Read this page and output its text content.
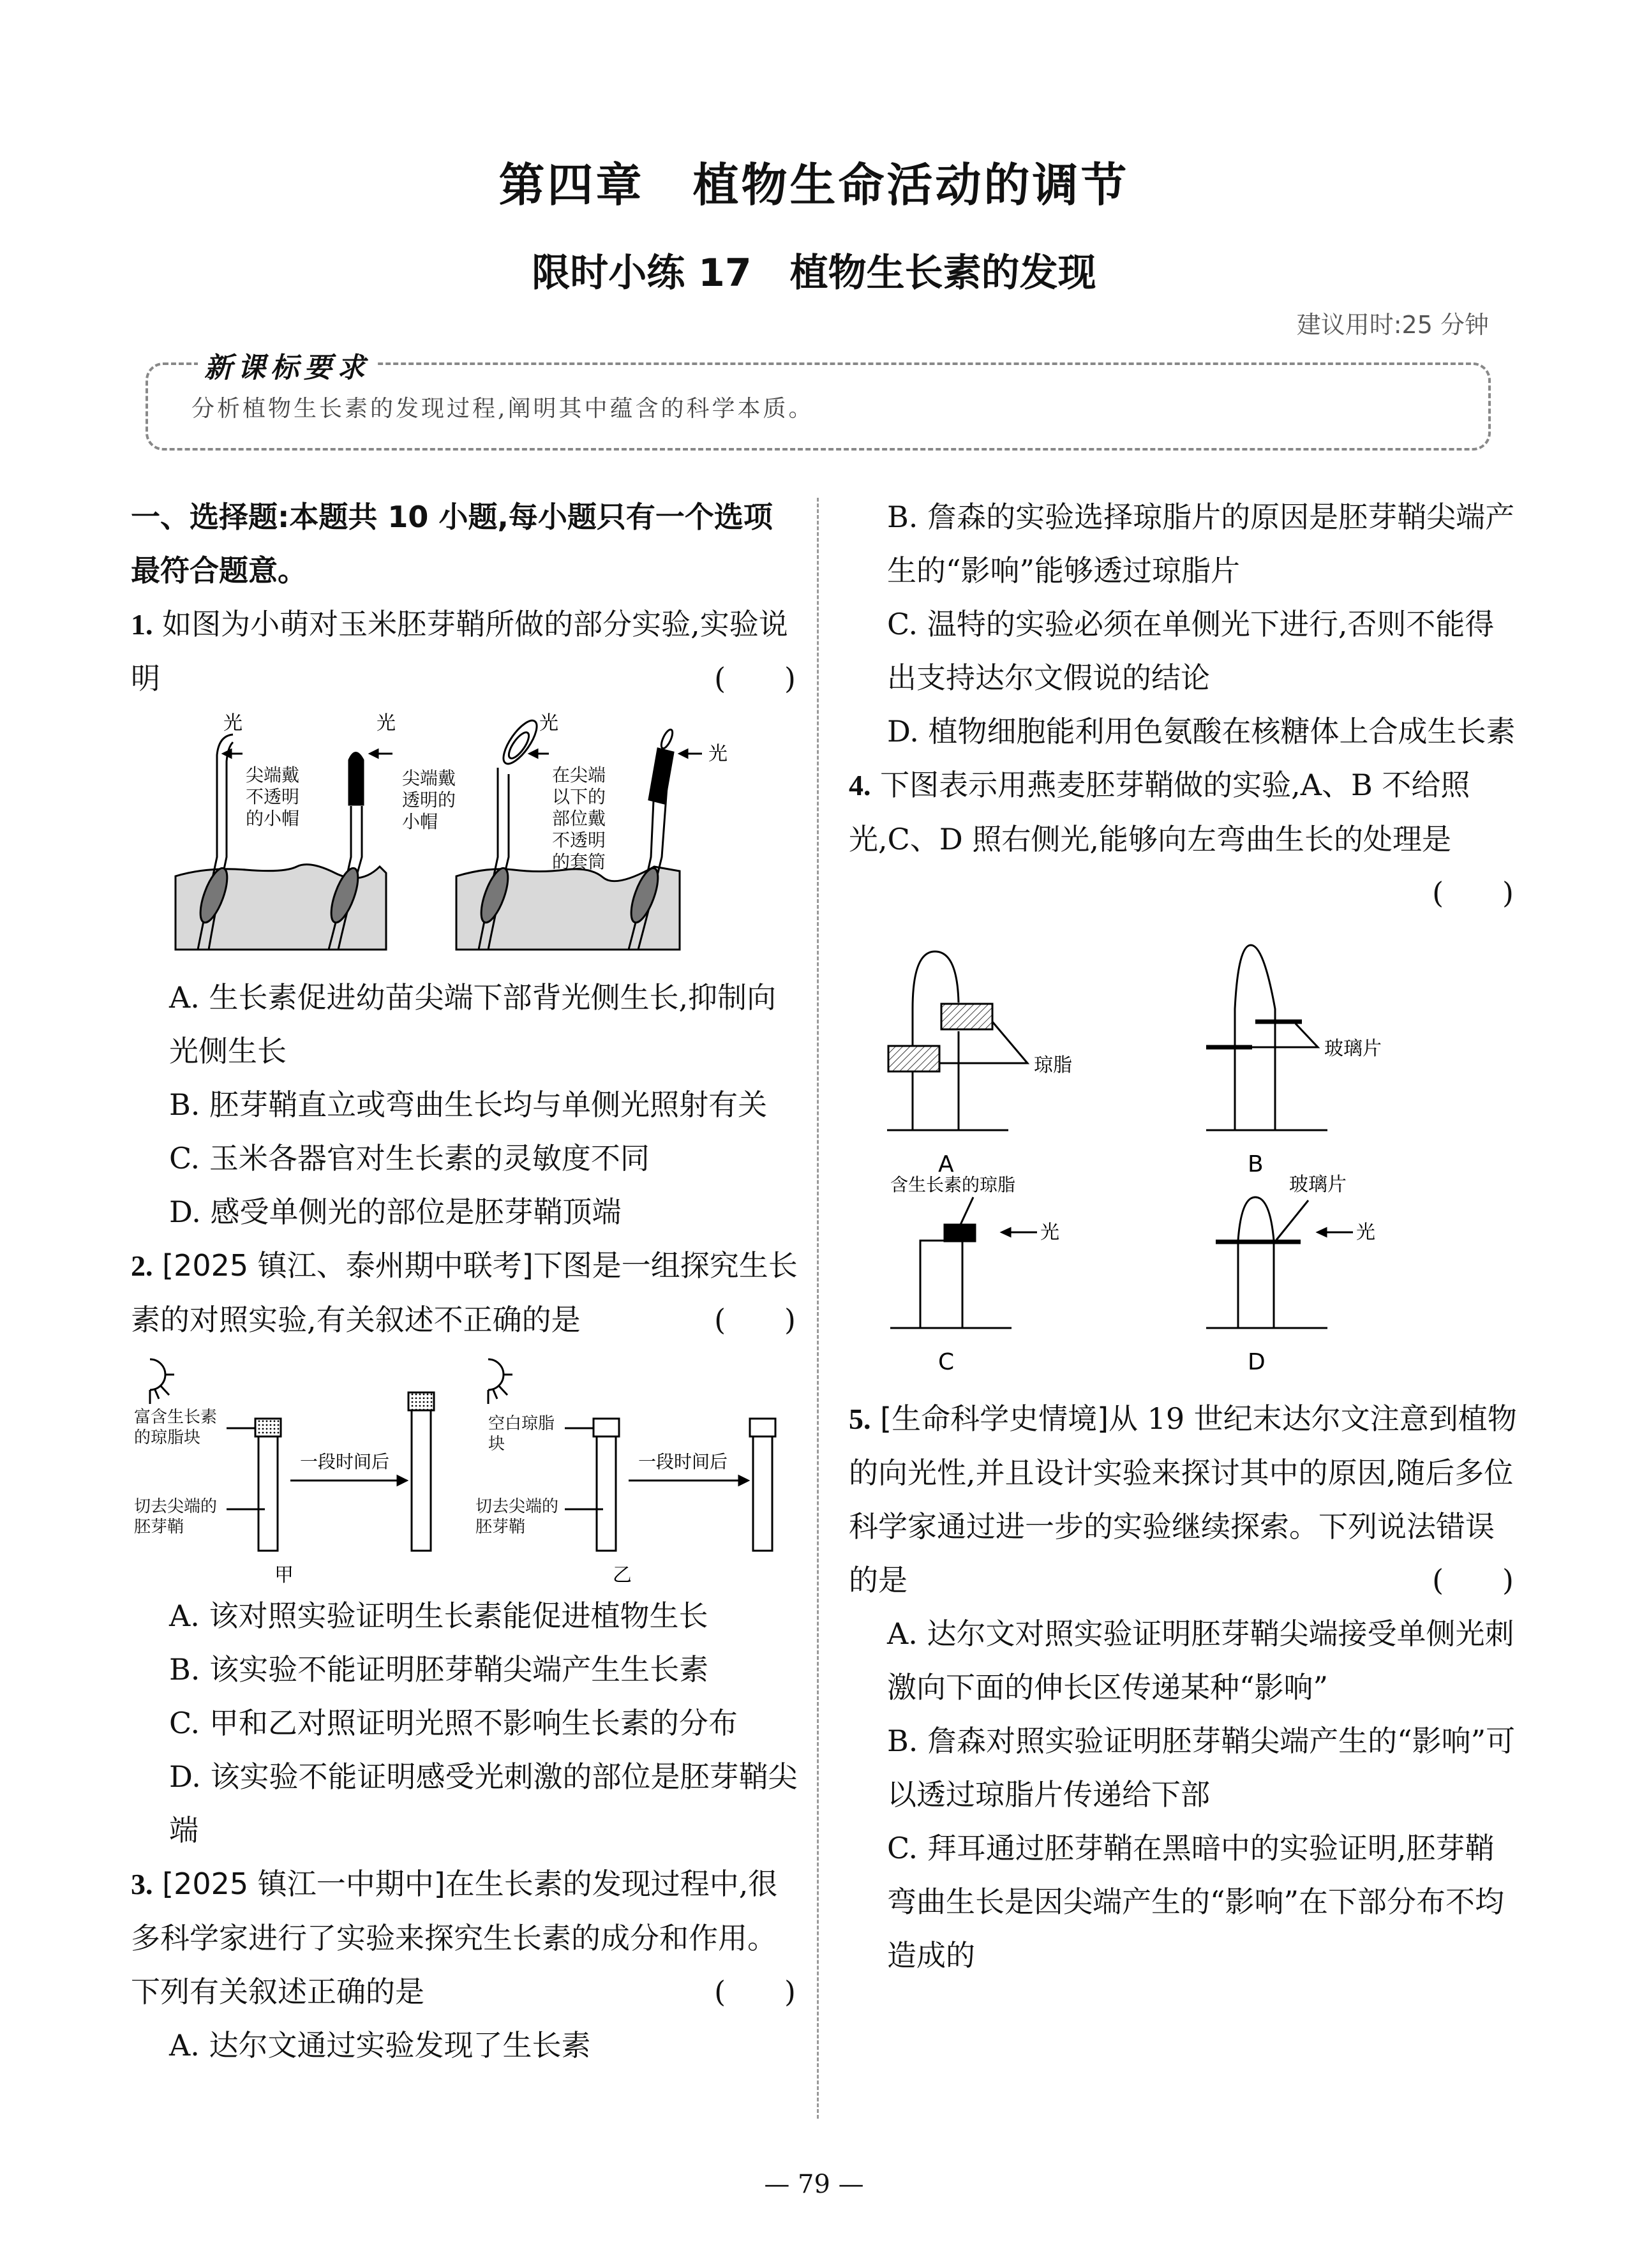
第四章　植物生命活动的调节
限时小练 17　植物生长素的发现
建议用时:25 分钟
新课标要求
分析植物生长素的发现过程,阐明其中蕴含的科学本质。

一、选择题:本题共 10 小题,每小题只有一个选项最符合题意。

1. 如图为小萌对玉米胚芽鞘所做的部分实验,实验说明	(　　)

光
尖端戴不透明的小帽
光
尖端戴透明的小帽
光
在尖端以下的部位戴不透明的套筒
光

A. 生长素促进幼苗尖端下部背光侧生长,抑制向光侧生长

B. 胚芽鞘直立或弯曲生长均与单侧光照射有关

C. 玉米各器官对生长素的灵敏度不同

D. 感受单侧光的部位是胚芽鞘顶端

2. [2025 镇江、泰州期中联考]下图是一组探究生长素的对照实验,有关叙述不正确的是	(　　)

富含生长素的琼脂块
切去尖端的胚芽鞘
一段时间后
甲
空白琼脂块
切去尖端的胚芽鞘
一段时间后
乙

A. 该对照实验证明生长素能促进植物生长

B. 该实验不能证明胚芽鞘尖端产生生长素

C. 甲和乙对照证明光照不影响生长素的分布

D. 该实验不能证明感受光刺激的部位是胚芽鞘尖端

3. [2025 镇江一中期中]在生长素的发现过程中,很多科学家进行了实验来探究生长素的成分和作用。下列有关叙述正确的是	(　　)

A. 达尔文通过实验发现了生长素

B. 詹森的实验选择琼脂片的原因是胚芽鞘尖端产生的“影响”能够透过琼脂片

C. 温特的实验必须在单侧光下进行,否则不能得出支持达尔文假说的结论

D. 植物细胞能利用色氨酸在核糖体上合成生长素

4. 下图表示用燕麦胚芽鞘做的实验,A、B 不给照光,C、D 照右侧光,能够向左弯曲生长的处理是
(　　)

琼脂
玻璃片
A	B
含生长素的琼脂
光
玻璃片
光
C	D

5. [生命科学史情境]从 19 世纪末达尔文注意到植物的向光性,并且设计实验来探讨其中的原因,随后多位科学家通过进一步的实验继续探索。下列说法错误的是	(　　)

A. 达尔文对照实验证明胚芽鞘尖端接受单侧光刺激向下面的伸长区传递某种“影响”

B. 詹森对照实验证明胚芽鞘尖端产生的“影响”可以透过琼脂片传递给下部

C. 拜耳通过胚芽鞘在黑暗中的实验证明,胚芽鞘弯曲生长是因尖端产生的“影响”在下部分布不均造成的

— 79 —
